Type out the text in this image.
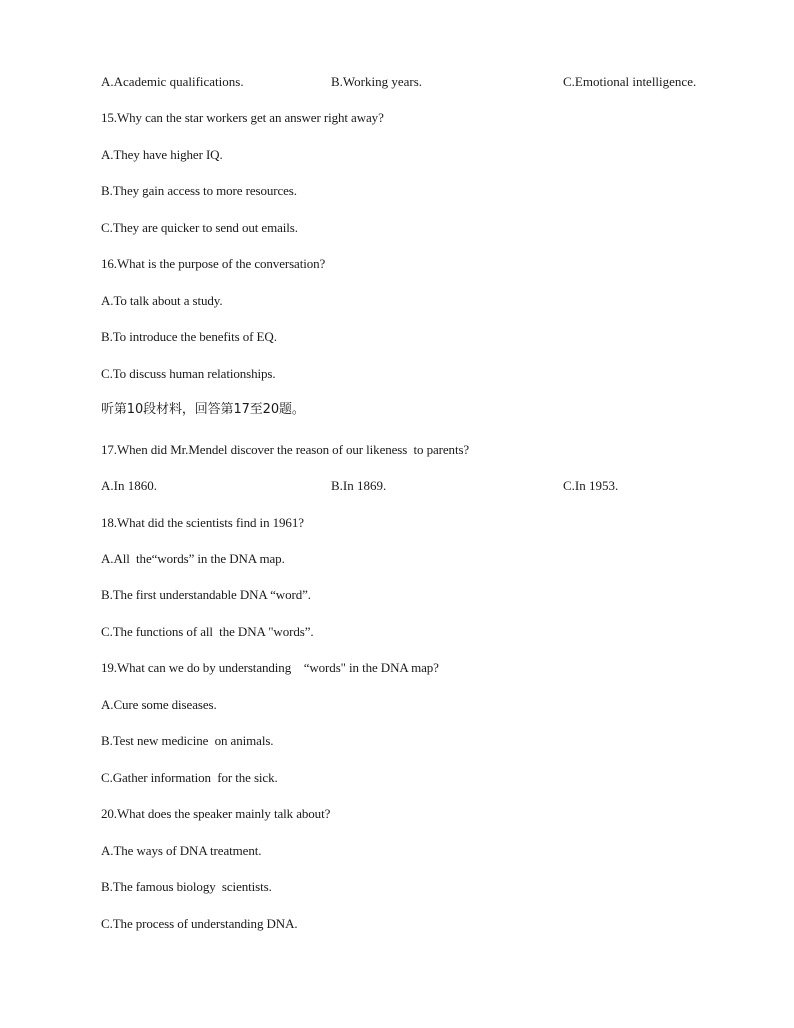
A.Academic qualifications.

	B.Working years.

	C.Emotional intelligence.

15.Why can the star workers get an answer right away?
A.They have higher IQ.
B.They gain access to more resources.
C.They are quicker to send out emails.
16.What is the purpose of the conversation?
A.To talk about a study.
B.To introduce the benefits of EQ.
C.To discuss human relationships.
听第10段材料，回答第17至20题。
17.When did Mr.Mendel discover the reason of our likeness  to parents?

A.In 1860.

	B.In 1869.

	C.In 1953.

18.What did the scientists find in 1961?
A.All  the“words” in the DNA map.
B.The first understandable DNA “word”.
C.The functions of all  the DNA "words”.
19.What can we do by understanding    “words" in the DNA map?
A.Cure some diseases.
B.Test new medicine  on animals.
C.Gather information  for the sick.
20.What does the speaker mainly talk about?
A.The ways of DNA treatment.
B.The famous biology  scientists.
C.The process of understanding DNA.
